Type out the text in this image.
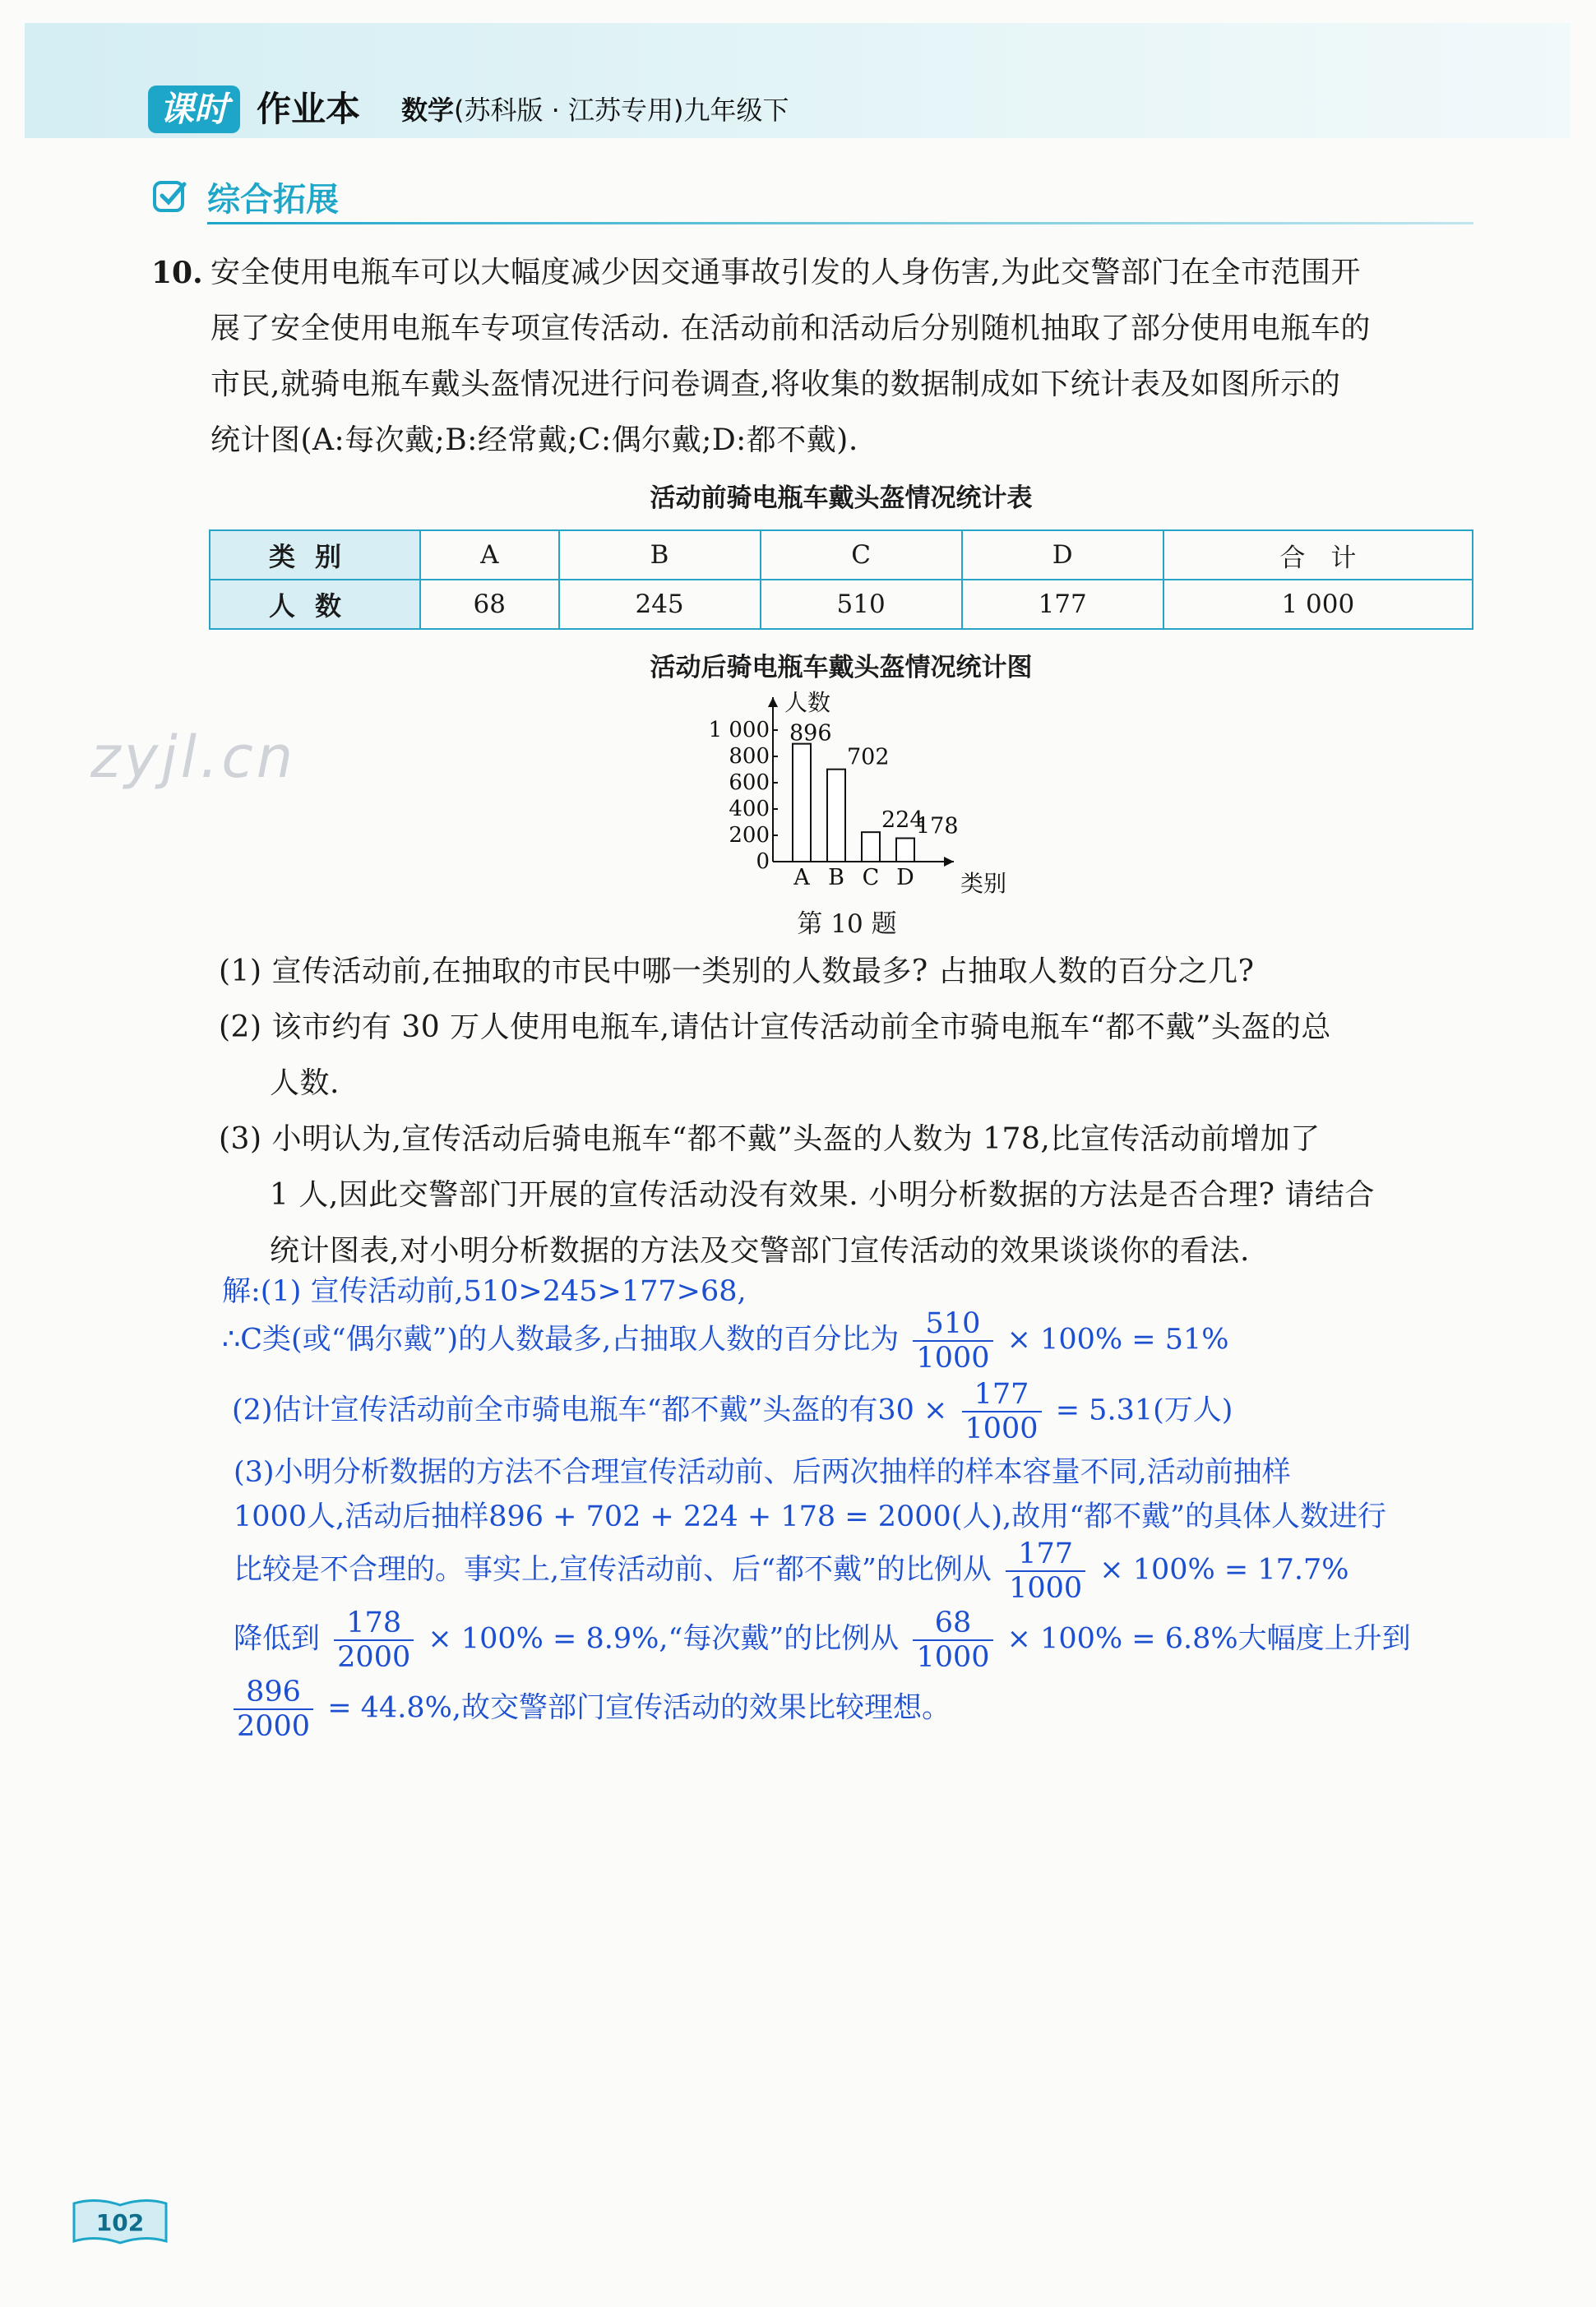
课时 作业本 数学(苏科版 · 江苏专用)九年级下
综合拓展
10. 安全使用电瓶车可以大幅度减少因交通事故引发的人身伤害,为此交警部门在全市范围开
展了安全使用电瓶车专项宣传活动. 在活动前和活动后分别随机抽取了部分使用电瓶车的
市民,就骑电瓶车戴头盔情况进行问卷调查,将收集的数据制成如下统计表及如图所示的
统计图(A:每次戴;B:经常戴;C:偶尔戴;D:都不戴).
活动前骑电瓶车戴头盔情况统计表
类别	A	B	C	D	合　计
人数	68	245	510	177	1 000
活动后骑电瓶车戴头盔情况统计图
0
200
400
600
800
1 000
人数
类别
A
896
B
702
C
224
D
178
第 10 题
zyjl.cn
(1) 宣传活动前,在抽取的市民中哪一类别的人数最多? 占抽取人数的百分之几?
(2) 该市约有 30 万人使用电瓶车,请估计宣传活动前全市骑电瓶车“都不戴”头盔的总
人数.
(3) 小明认为,宣传活动后骑电瓶车“都不戴”头盔的人数为 178,比宣传活动前增加了
1 人,因此交警部门开展的宣传活动没有效果. 小明分析数据的方法是否合理? 请结合
统计图表,对小明分析数据的方法及交警部门宣传活动的效果谈谈你的看法.
解:(1) 宣传活动前,510>245>177>68,
∴C类(或“偶尔戴”)的人数最多,占抽取人数的百分比为 $\frac{510}{1000} \times 100\% = 51\%$
(2)估计宣传活动前全市骑电瓶车“都不戴”头盔的有$30 \times \frac{177}{1000} = 5.31$(万人)
(3)小明分析数据的方法不合理宣传活动前、后两次抽样的样本容量不同,活动前抽样
1000人,活动后抽样896 + 702 + 224 + 178 = 2000(人),故用“都不戴”的具体人数进行
比较是不合理的。事实上,宣传活动前、后“都不戴”的比例从 $\frac{177}{1000} \times 100\% = 17.7\%$
降低到 $\frac{178}{2000} \times 100\%$ = 8.9%,“每次戴”的比例从 $\frac{68}{1000} \times 100\% = 6.8\%$大幅度上升到
$\frac{896}{2000} = 44.8\%$,故交警部门宣传活动的效果比较理想。
102
